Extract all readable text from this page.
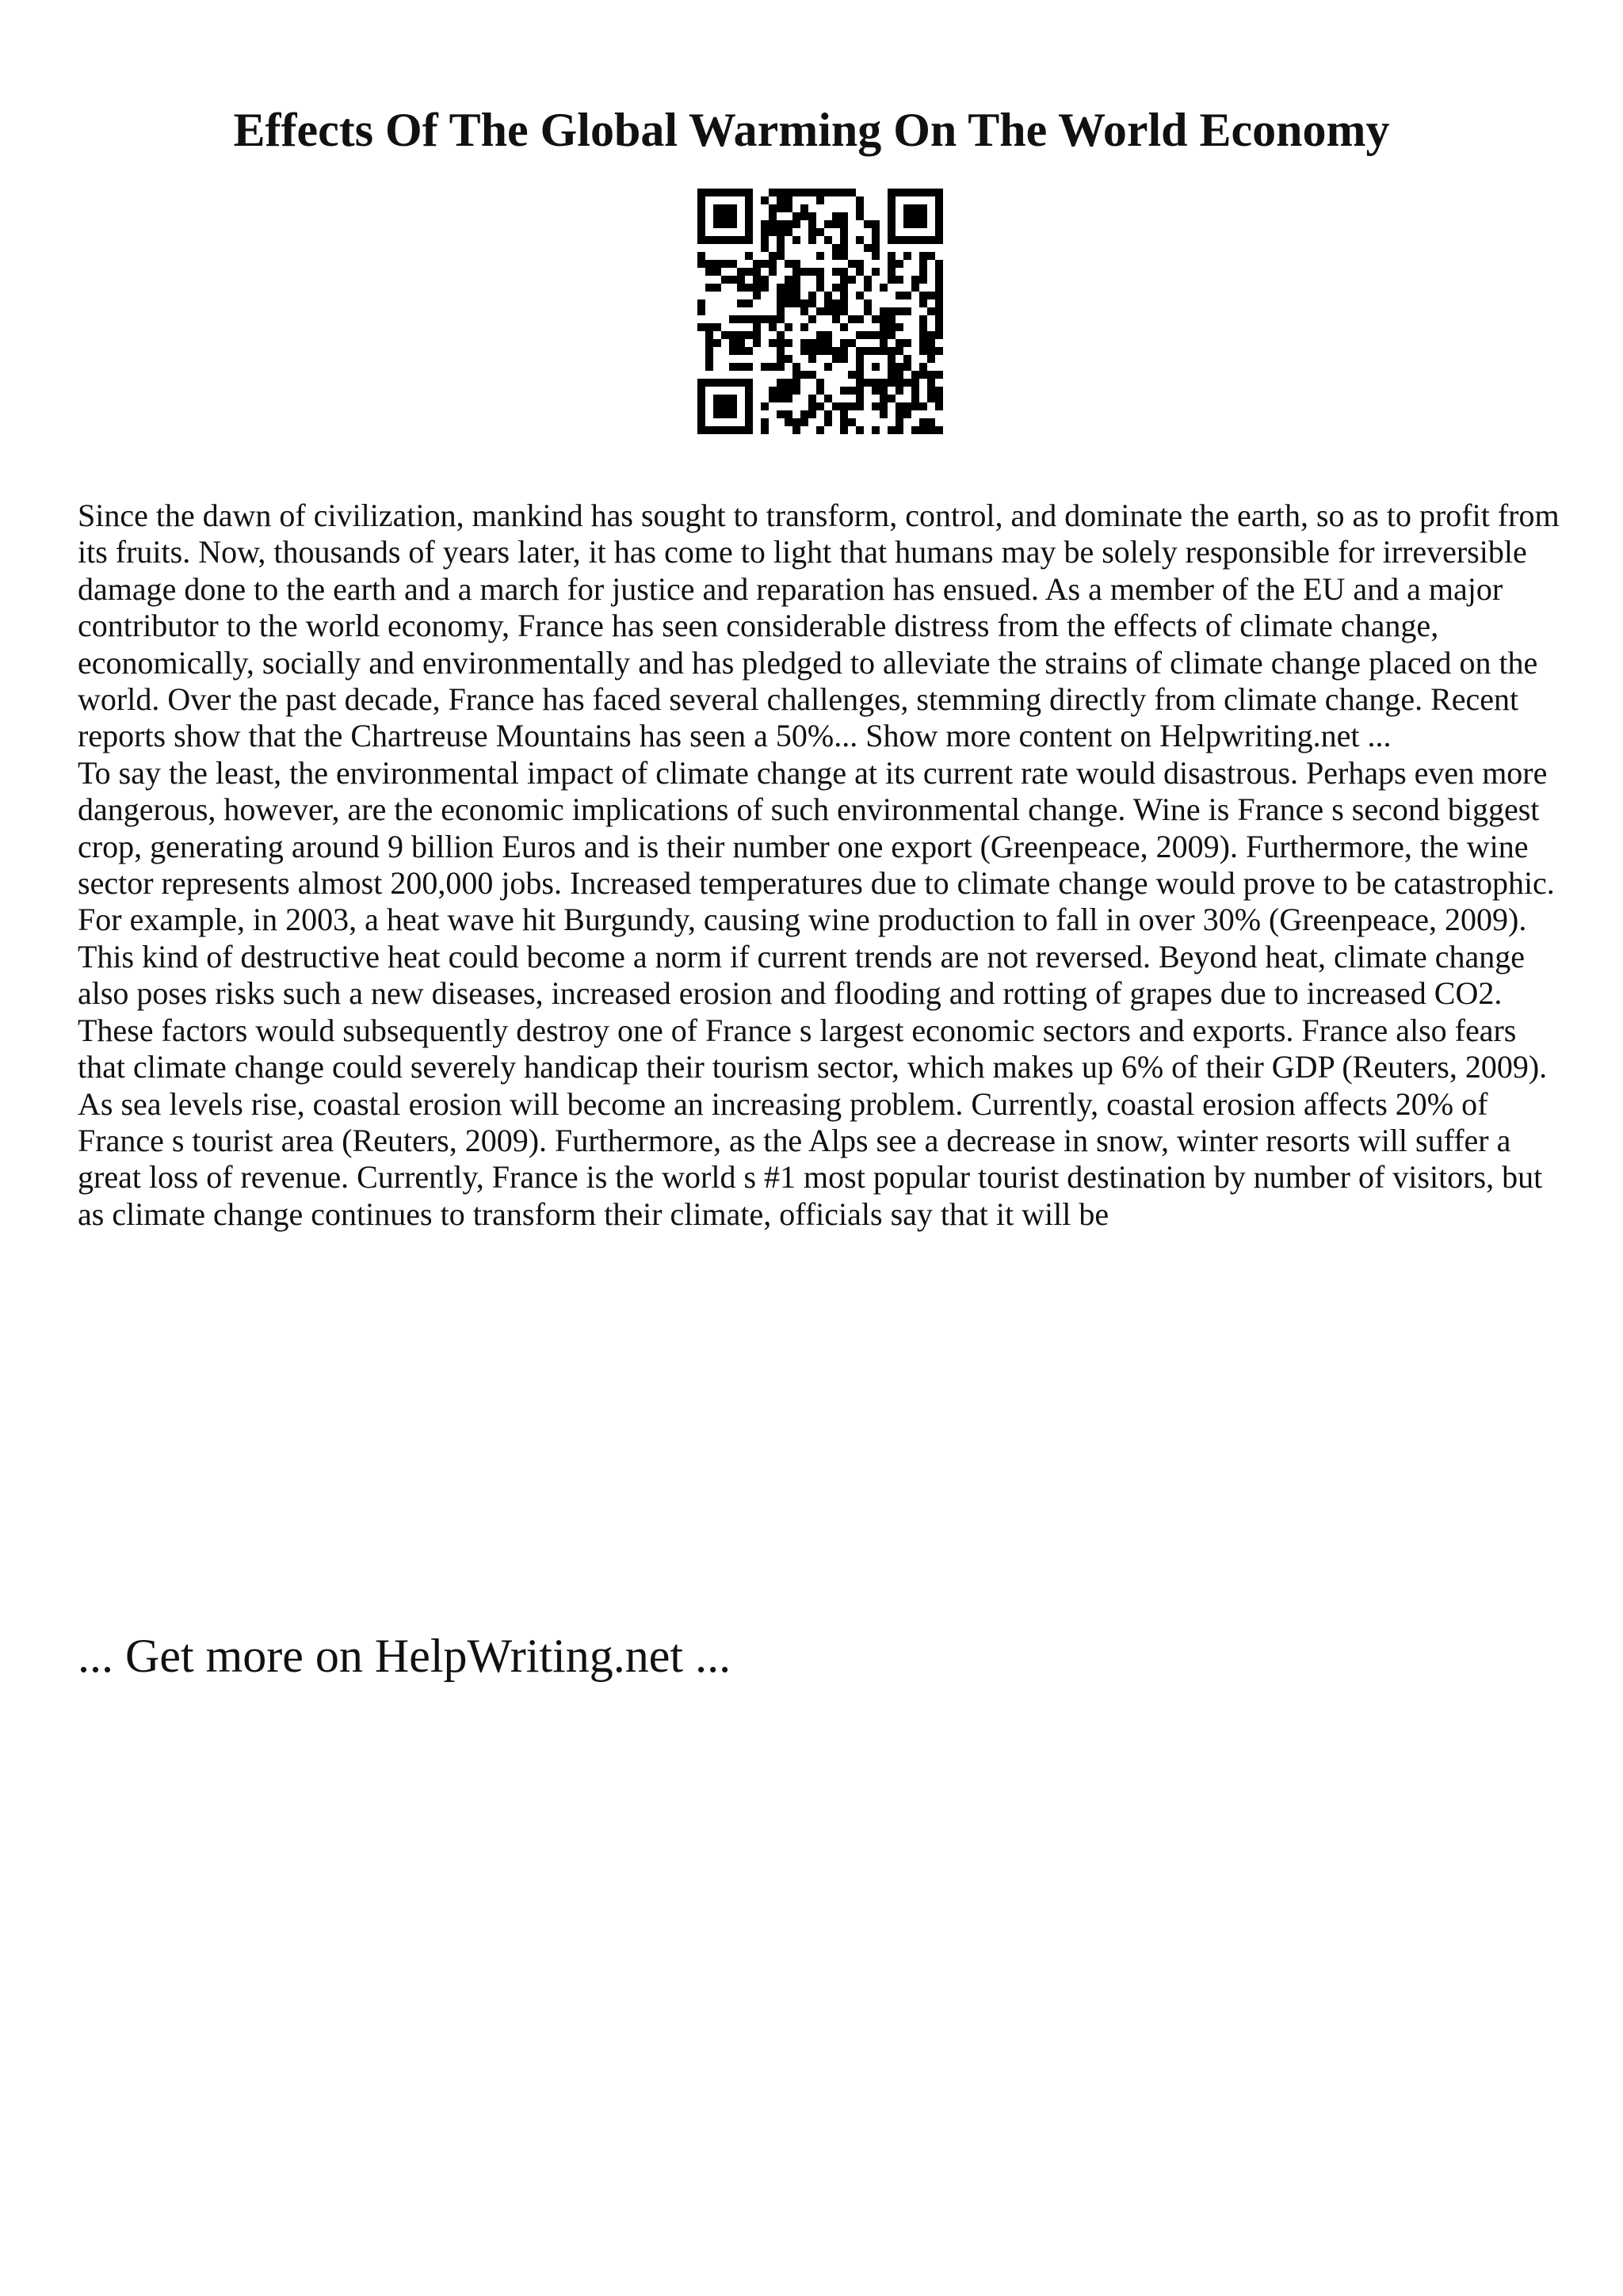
Effects Of The Global Warming On The World Economy

Since the dawn of civilization, mankind has sought to transform, control, and dominate the earth, so as to profit from its fruits. Now, thousands of years later, it has come to light that humans may be solely responsible for irreversible damage done to the earth and a march for justice and reparation has ensued. As a member of the EU and a major contributor to the world economy, France has seen considerable distress from the effects of climate change, economically, socially and environmentally and has pledged to alleviate the strains of climate change placed on the world. Over the past decade, France has faced several challenges, stemming directly from climate change. Recent reports show that the Chartreuse Mountains has seen a 50%... Show more content on Helpwriting.net ...

To say the least, the environmental impact of climate change at its current rate would disastrous. Perhaps even more dangerous, however, are the economic implications of such environmental change. Wine is France s second biggest crop, generating around 9 billion Euros and is their number one export (Greenpeace, 2009). Furthermore, the wine sector represents almost 200,000 jobs. Increased temperatures due to climate change would prove to be catastrophic. For example, in 2003, a heat wave hit Burgundy, causing wine production to fall in over 30% (Greenpeace, 2009). This kind of destructive heat could become a norm if current trends are not reversed. Beyond heat, climate change also poses risks such a new diseases, increased erosion and flooding and rotting of grapes due to increased CO2. These factors would subsequently destroy one of France s largest economic sectors and exports. France also fears that climate change could severely handicap their tourism sector, which makes up 6% of their GDP (Reuters, 2009). As sea levels rise, coastal erosion will become an increasing problem. Currently, coastal erosion affects 20% of France s tourist area (Reuters, 2009). Furthermore, as the Alps see a decrease in snow, winter resorts will suffer a great loss of revenue. Currently, France is the world s #1 most popular tourist destination by number of visitors, but as climate change continues to transform their climate, officials say that it will be

... Get more on HelpWriting.net ...
